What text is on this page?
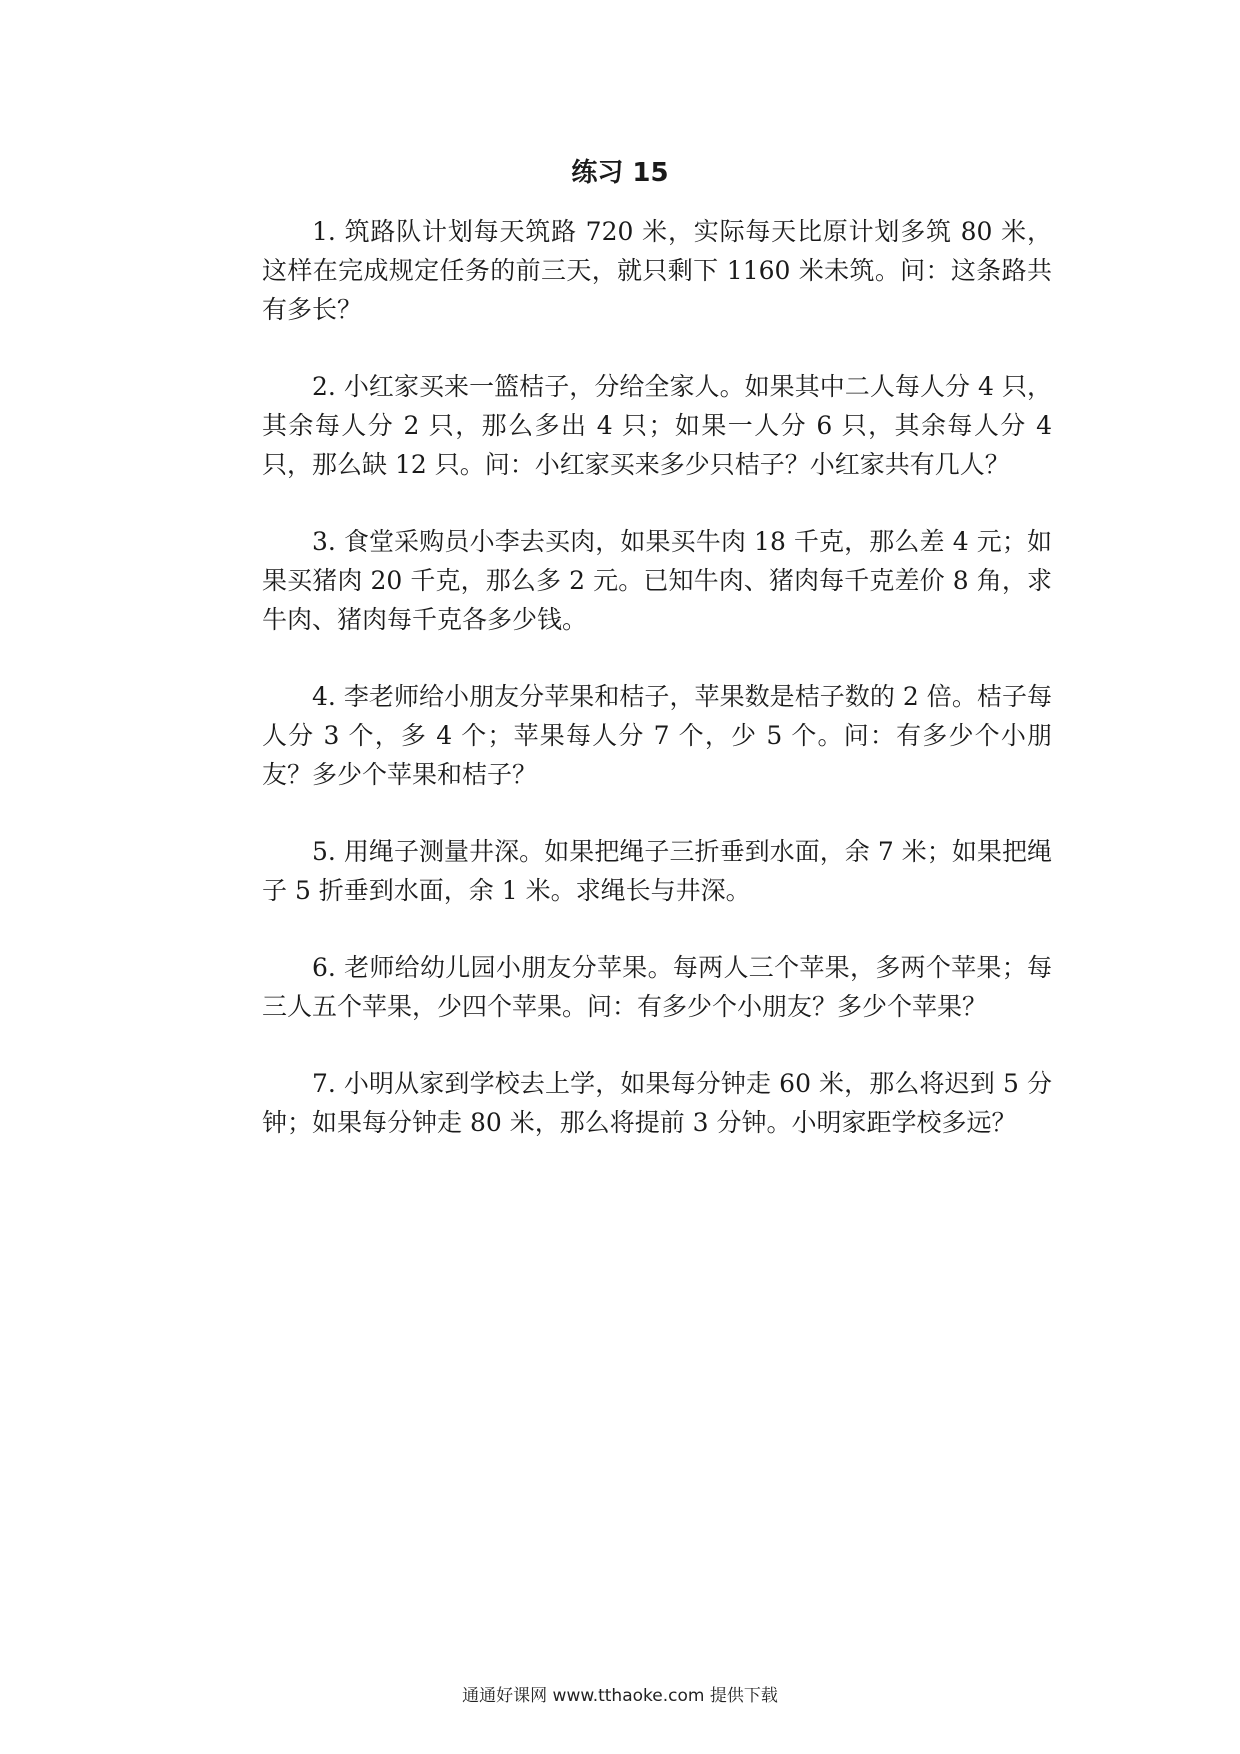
练习 15

1. 筑路队计划每天筑路 720 米，实际每天比原计划多筑 80 米，这样在完成规定任务的前三天，就只剩下 1160 米未筑。问：这条路共有多长？

2. 小红家买来一篮桔子，分给全家人。如果其中二人每人分 4 只，其余每人分 2 只，那么多出 4 只；如果一人分 6 只，其余每人分 4 只，那么缺 12 只。问：小红家买来多少只桔子？小红家共有几人？

3. 食堂采购员小李去买肉，如果买牛肉 18 千克，那么差 4 元；如果买猪肉 20 千克，那么多 2 元。已知牛肉、猪肉每千克差价 8 角，求牛肉、猪肉每千克各多少钱。

4. 李老师给小朋友分苹果和桔子，苹果数是桔子数的 2 倍。桔子每人分 3 个，多 4 个；苹果每人分 7 个，少 5 个。问：有多少个小朋友？多少个苹果和桔子？

5. 用绳子测量井深。如果把绳子三折垂到水面，余 7 米；如果把绳子 5 折垂到水面，余 1 米。求绳长与井深。

6. 老师给幼儿园小朋友分苹果。每两人三个苹果，多两个苹果；每三人五个苹果，少四个苹果。问：有多少个小朋友？多少个苹果？

7. 小明从家到学校去上学，如果每分钟走 60 米，那么将迟到 5 分钟；如果每分钟走 80 米，那么将提前 3 分钟。小明家距学校多远？

通通好课网 www.tthaoke.com 提供下载
